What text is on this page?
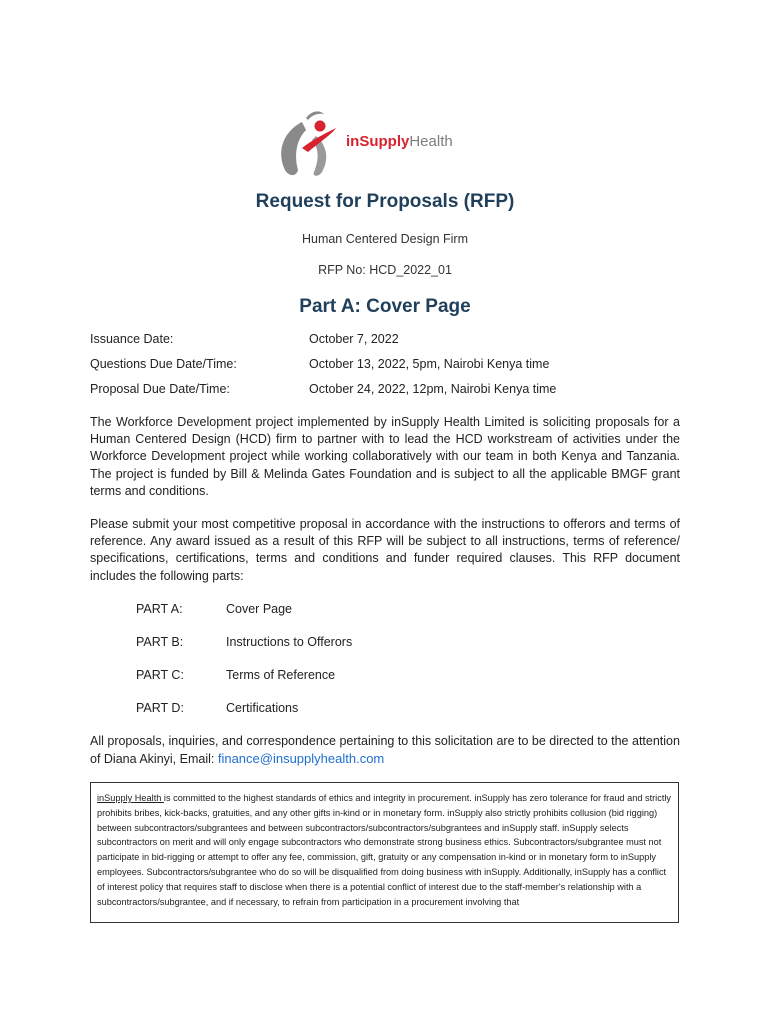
inSupplyHealth
Request for Proposals (RFP)
Human Centered Design Firm
RFP No: HCD_2022_01
Part A: Cover Page
Issuance Date:	October 7, 2022
Questions Due Date/Time:	October 13, 2022, 5pm, Nairobi Kenya time
Proposal Due Date/Time:	October 24, 2022, 12pm, Nairobi Kenya time

The Workforce Development project implemented by inSupply Health Limited is soliciting proposals for a Human Centered Design (HCD) firm to partner with to lead the HCD workstream of activities under the Workforce Development project while working collaboratively with our team in both Kenya and Tanzania. The project is funded by Bill & Melinda Gates Foundation and is subject to all the applicable BMGF grant terms and conditions.

Please submit your most competitive proposal in accordance with the instructions to offerors and terms of reference. Any award issued as a result of this RFP will be subject to all instructions, terms of reference/ specifications, certifications, terms and conditions and funder required clauses. This RFP document includes the following parts:

PART A:	Cover Page
PART B:	Instructions to Offerors
PART C:	Terms of Reference
PART D:	Certifications

All proposals, inquiries, and correspondence pertaining to this solicitation are to be directed to the attention of Diana Akinyi, Email: finance@insupplyhealth.com

inSupply Health is committed to the highest standards of ethics and integrity in procurement. inSupply has zero tolerance for fraud and strictly prohibits bribes, kick-backs, gratuities, and any other gifts in-kind or in monetary form. inSupply also strictly prohibits collusion (bid rigging) between subcontractors/subgrantees and between subcontractors/subcontractors/subgrantees and inSupply staff. inSupply selects subcontractors on merit and will only engage subcontractors who demonstrate strong business ethics. Subcontractors/subgrantee must not participate in bid-rigging or attempt to offer any fee, commission, gift, gratuity or any compensation in-kind or in monetary form to inSupply employees. Subcontractors/subgrantee who do so will be disqualified from doing business with inSupply. Additionally, inSupply has a conflict of interest policy that requires staff to disclose when there is a potential conflict of interest due to the staff-member's relationship with a subcontractors/subgrantee, and if necessary, to refrain from participation in a procurement involving that
